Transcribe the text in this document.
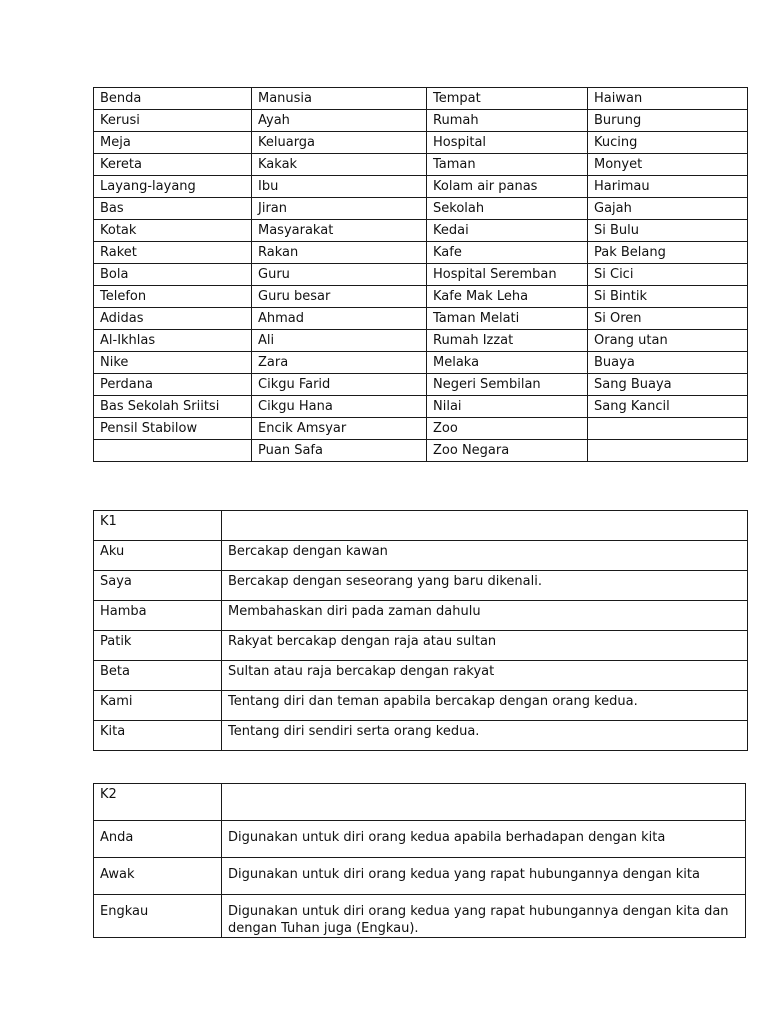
Benda	Manusia	Tempat	Haiwan
Kerusi	Ayah	Rumah	Burung
Meja	Keluarga	Hospital	Kucing
Kereta	Kakak	Taman	Monyet
Layang-layang	Ibu	Kolam air panas	Harimau
Bas	Jiran	Sekolah	Gajah
Kotak	Masyarakat	Kedai	Si Bulu
Raket	Rakan	Kafe	Pak Belang
Bola	Guru	Hospital Seremban	Si Cici
Telefon	Guru besar	Kafe Mak Leha	Si Bintik
Adidas	Ahmad	Taman Melati	Si Oren
Al-Ikhlas	Ali	Rumah Izzat	Orang utan
Nike	Zara	Melaka	Buaya
Perdana	Cikgu Farid	Negeri Sembilan	Sang Buaya
Bas Sekolah Sriitsi	Cikgu Hana	Nilai	Sang Kancil
Pensil Stabilow	Encik Amsyar	Zoo	
	Puan Safa	Zoo Negara	
K1	
Aku	Bercakap dengan kawan
Saya	Bercakap dengan seseorang yang baru dikenali.
Hamba	Membahaskan diri pada zaman dahulu
Patik	Rakyat bercakap dengan raja atau sultan
Beta	Sultan atau raja bercakap dengan rakyat
Kami	Tentang diri dan teman apabila bercakap dengan orang kedua.
Kita	Tentang diri sendiri serta orang kedua.
K2	
Anda	Digunakan untuk diri orang kedua apabila berhadapan dengan kita
Awak	Digunakan untuk diri orang kedua yang rapat hubungannya dengan kita
Engkau	Digunakan untuk diri orang kedua yang rapat hubungannya dengan kita dan dengan Tuhan juga (Engkau).
